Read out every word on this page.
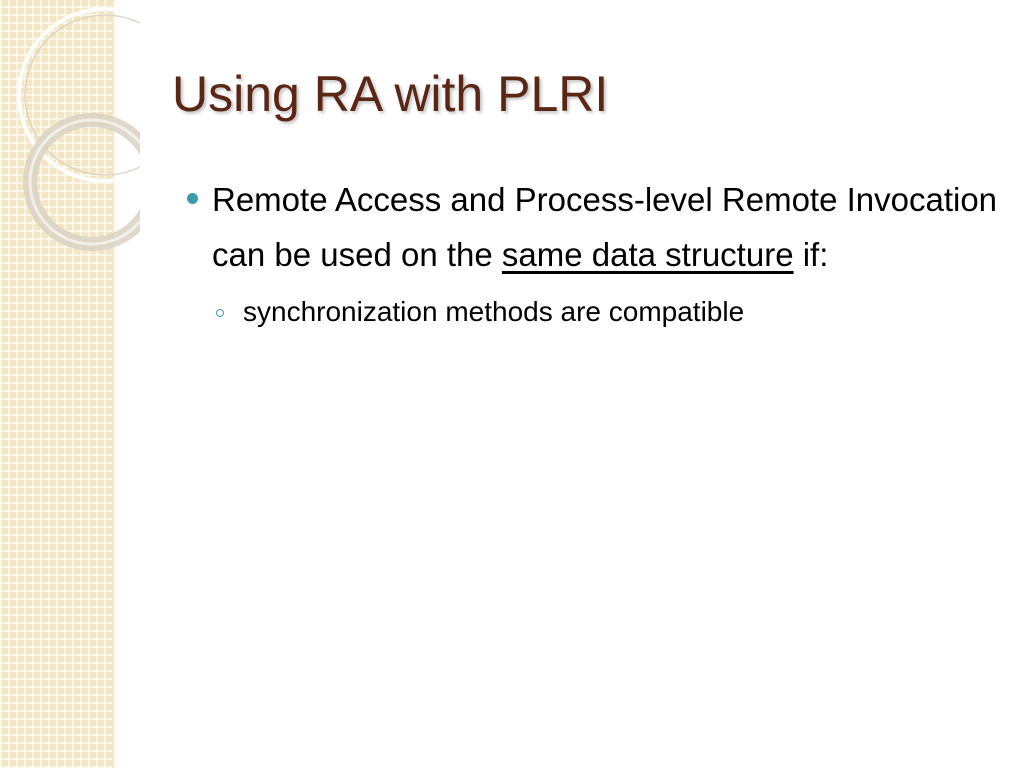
Using RA with PLRI
Remote Access and Process-level Remote Invocation can be used on the same data structure if:
synchronization methods are compatible
